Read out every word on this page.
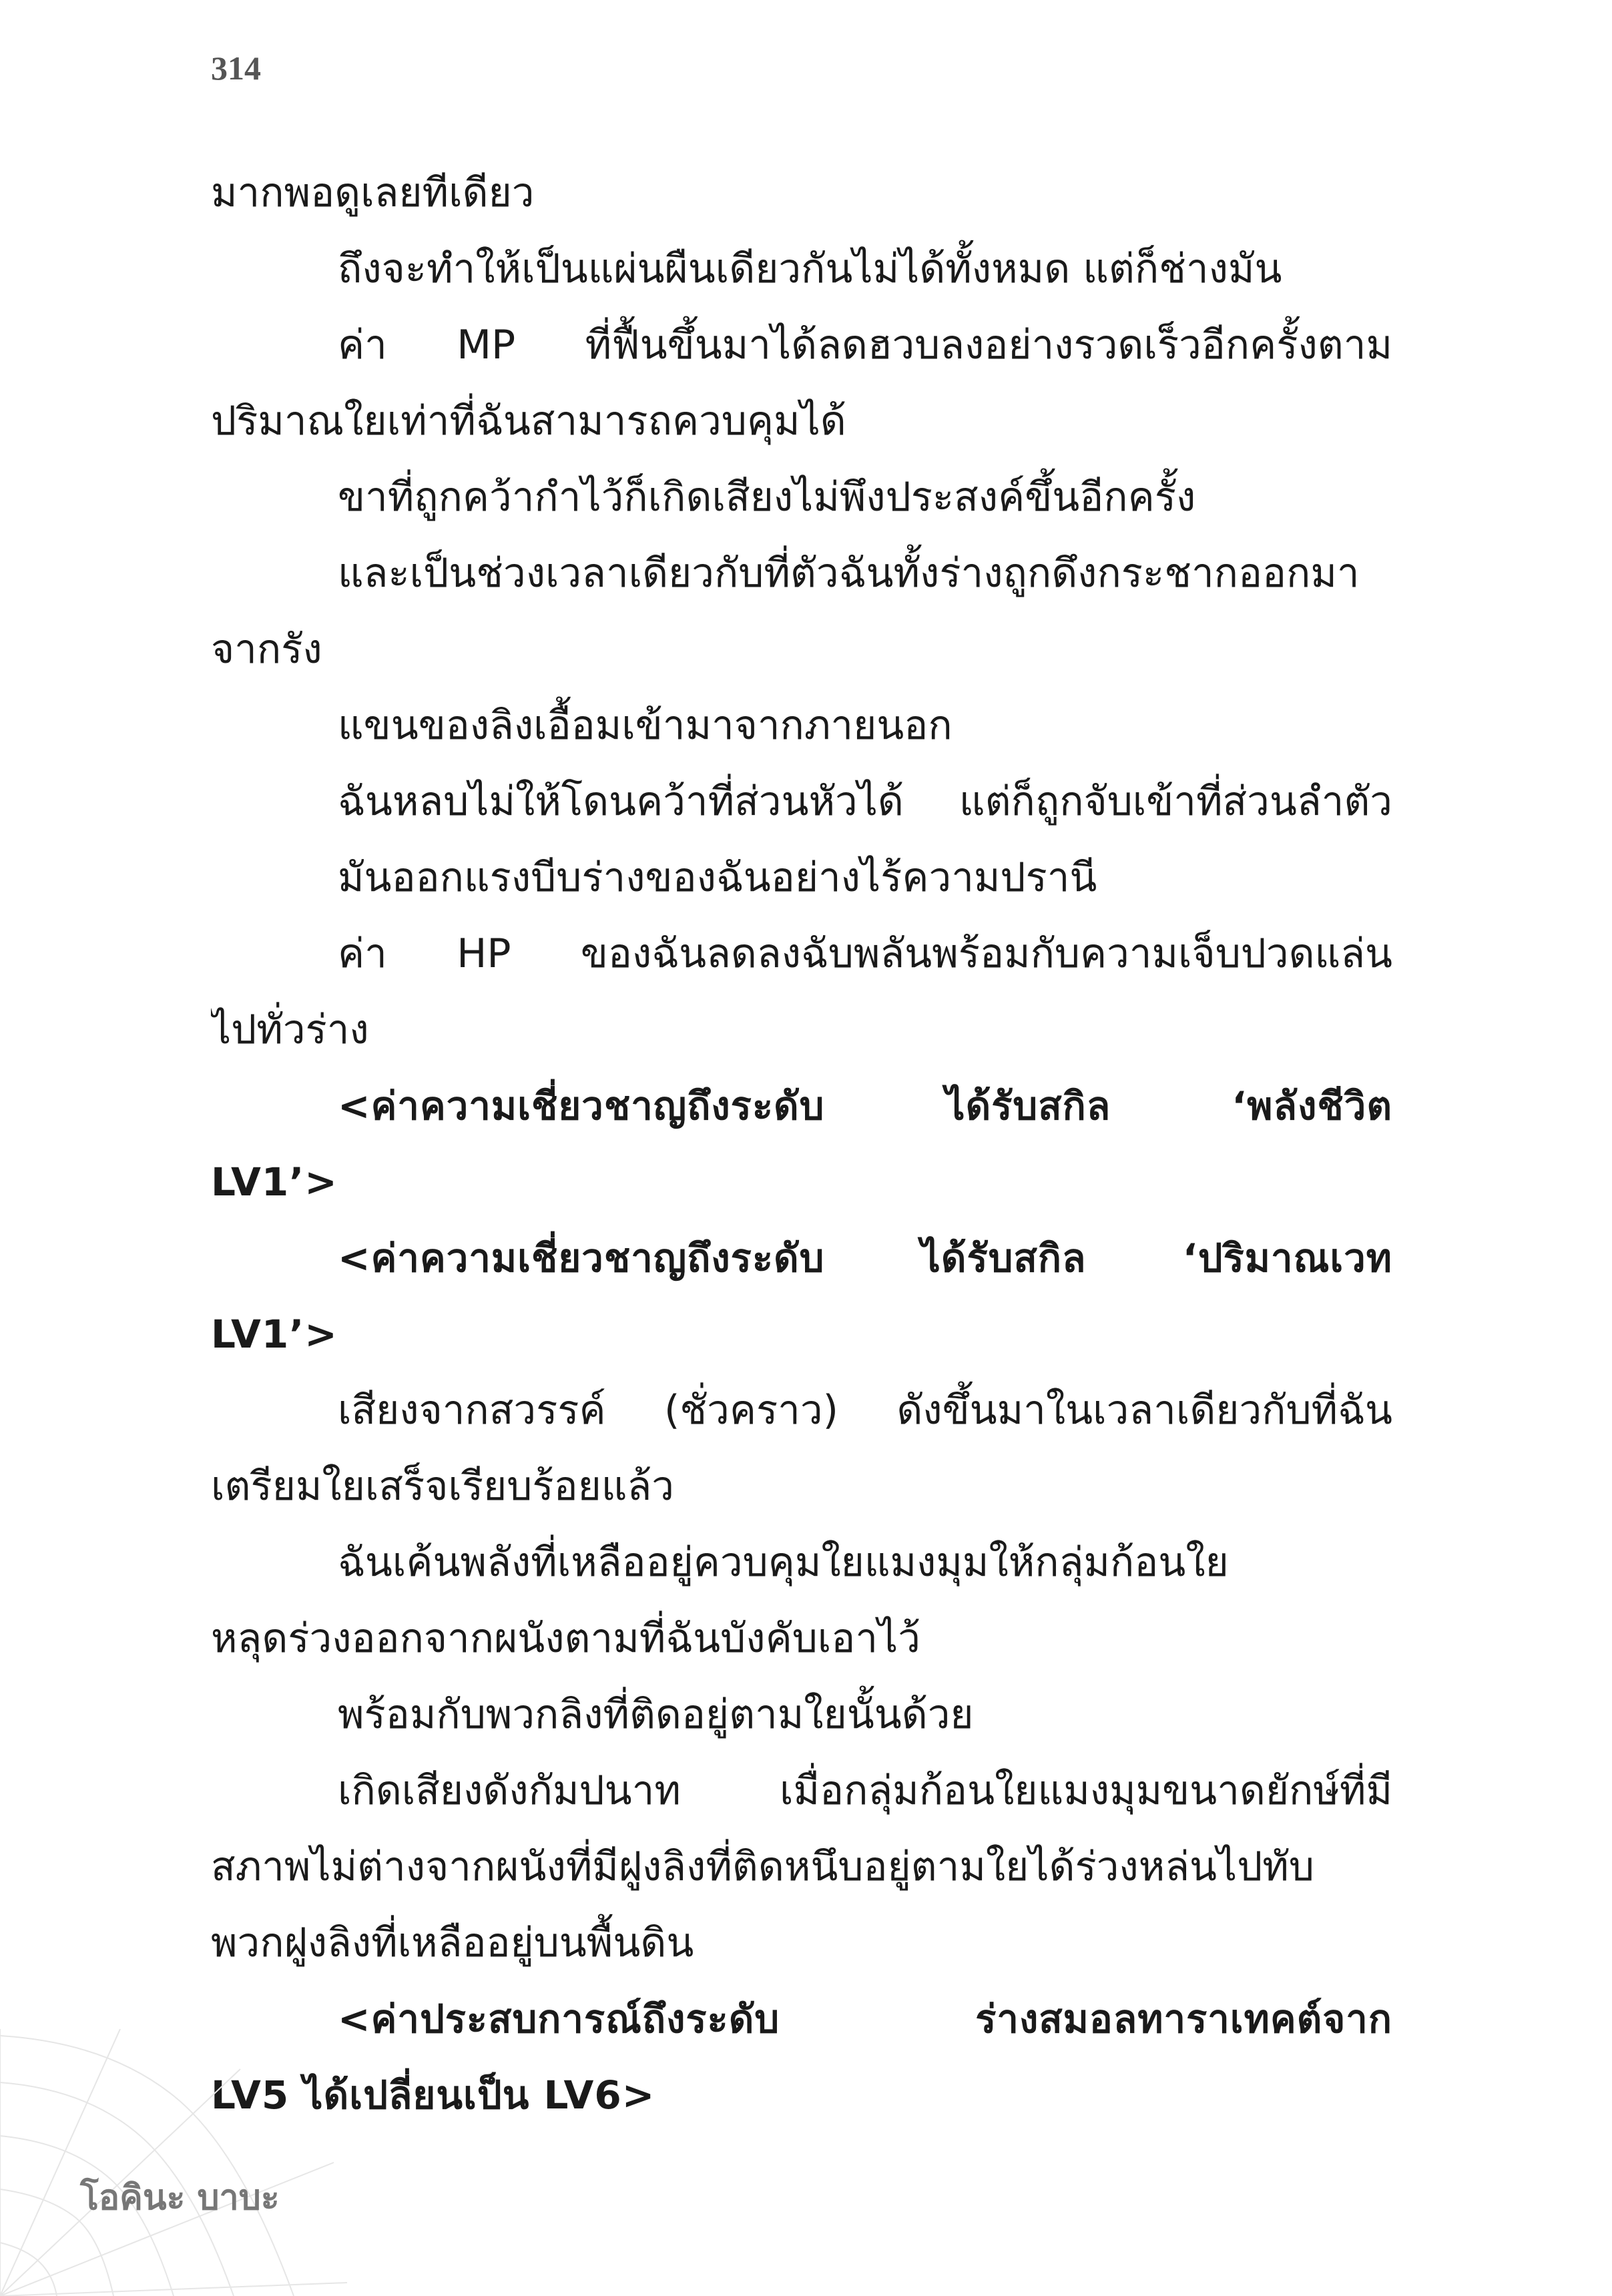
314
มากพอดูเลยทีเดียว
ถึงจะทำให้เป็นแผ่นผืนเดียวกันไม่ได้ทั้งหมด แต่ก็ช่างมัน
ค่า MP ที่ฟื้นขึ้นมาได้ลดฮวบลงอย่างรวดเร็วอีกครั้งตาม
ปริมาณใยเท่าที่ฉันสามารถควบคุมได้
ขาที่ถูกคว้ากำไว้ก็เกิดเสียงไม่พึงประสงค์ขึ้นอีกครั้ง
และเป็นช่วงเวลาเดียวกับที่ตัวฉันทั้งร่างถูกดึงกระชากออกมา
จากรัง
แขนของลิงเอื้อมเข้ามาจากภายนอก
ฉันหลบไม่ให้โดนคว้าที่ส่วนหัวได้ แต่ก็ถูกจับเข้าที่ส่วนลำตัว
มันออกแรงบีบร่างของฉันอย่างไร้ความปรานี
ค่า HP ของฉันลดลงฉับพลันพร้อมกับความเจ็บปวดแล่น
ไปทั่วร่าง
<ค่าความเชี่ยวชาญถึงระดับ ได้รับสกิล ‘พลังชีวิต
LV1’>
<ค่าความเชี่ยวชาญถึงระดับ ได้รับสกิล ‘ปริมาณเวท
LV1’>
เสียงจากสวรรค์ (ชั่วคราว) ดังขึ้นมาในเวลาเดียวกับที่ฉัน
เตรียมใยเสร็จเรียบร้อยแล้ว
ฉันเค้นพลังที่เหลืออยู่ควบคุมใยแมงมุมให้กลุ่มก้อนใย
หลุดร่วงออกจากผนังตามที่ฉันบังคับเอาไว้
พร้อมกับพวกลิงที่ติดอยู่ตามใยนั้นด้วย
เกิดเสียงดังกัมปนาท เมื่อกลุ่มก้อนใยแมงมุมขนาดยักษ์ที่มี
สภาพไม่ต่างจากผนังที่มีฝูงลิงที่ติดหนึบอยู่ตามใยได้ร่วงหล่นไปทับ
พวกฝูงลิงที่เหลืออยู่บนพื้นดิน
<ค่าประสบการณ์ถึงระดับ ร่างสมอลทาราเทคต์จาก
LV5 ได้เปลี่ยนเป็น LV6>
โอคินะ บาบะ
